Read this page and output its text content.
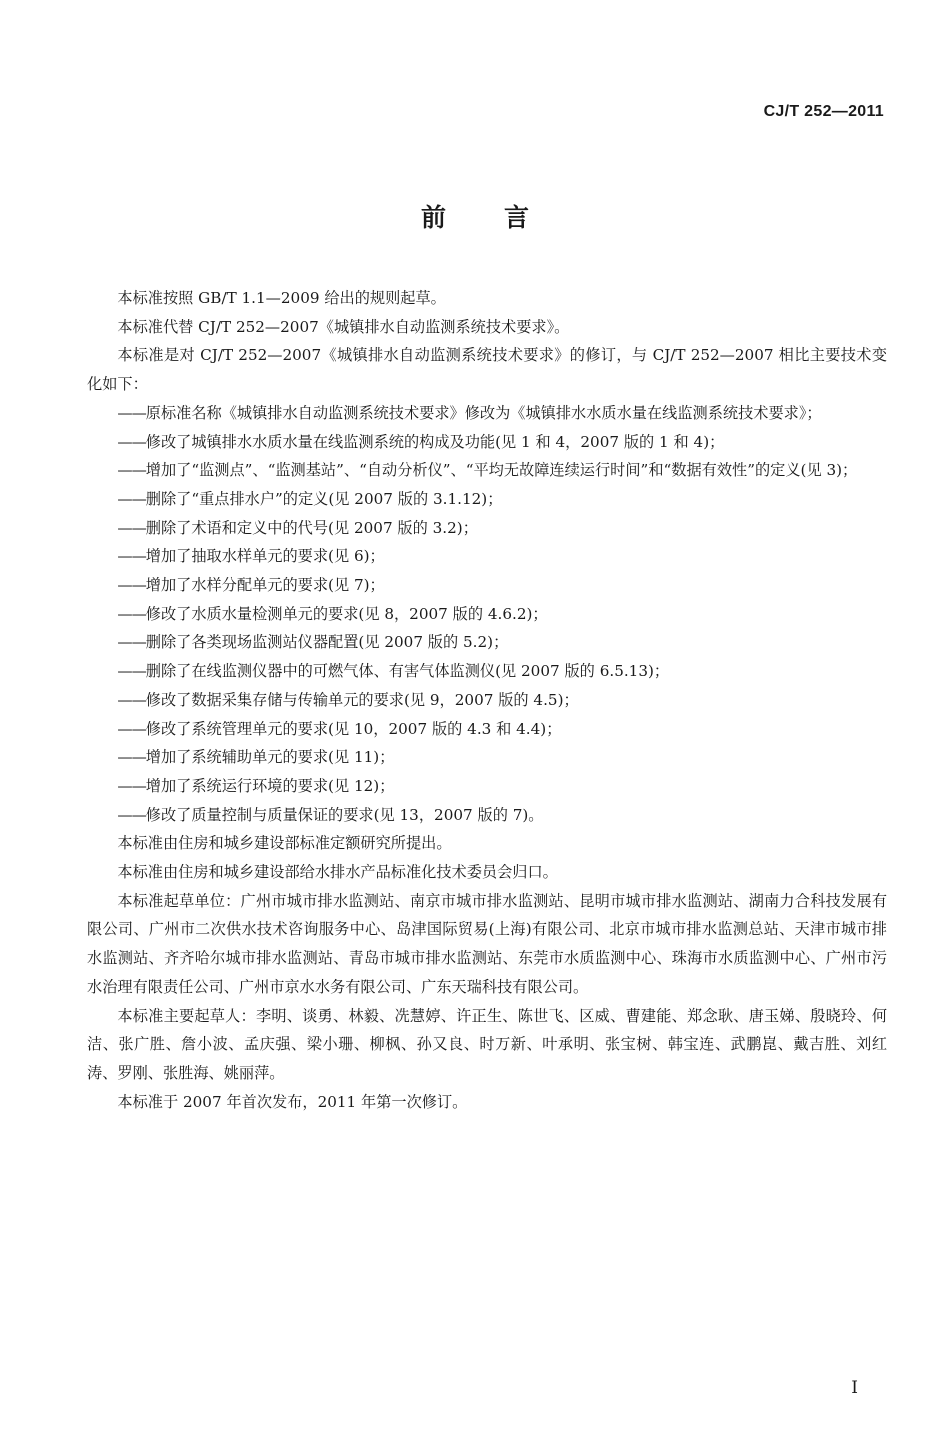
CJ/T 252—2011
前言

本标准按照 GB/T 1.1—2009 给出的规则起草。

本标准代替 CJ/T 252—2007《城镇排水自动监测系统技术要求》。

本标准是对 CJ/T 252—2007《城镇排水自动监测系统技术要求》的修订，与 CJ/T 252—2007 相比主要技术变化如下：

——原标准名称《城镇排水自动监测系统技术要求》修改为《城镇排水水质水量在线监测系统技术要求》；

——修改了城镇排水水质水量在线监测系统的构成及功能(见 1 和 4，2007 版的 1 和 4)；

——增加了“监测点”、“监测基站”、“自动分析仪”、“平均无故障连续运行时间”和“数据有效性”的定义(见 3)；

——删除了“重点排水户”的定义(见 2007 版的 3.1.12)；

——删除了术语和定义中的代号(见 2007 版的 3.2)；

——增加了抽取水样单元的要求(见 6)；

——增加了水样分配单元的要求(见 7)；

——修改了水质水量检测单元的要求(见 8，2007 版的 4.6.2)；

——删除了各类现场监测站仪器配置(见 2007 版的 5.2)；

——删除了在线监测仪器中的可燃气体、有害气体监测仪(见 2007 版的 6.5.13)；

——修改了数据采集存储与传输单元的要求(见 9，2007 版的 4.5)；

——修改了系统管理单元的要求(见 10，2007 版的 4.3 和 4.4)；

——增加了系统辅助单元的要求(见 11)；

——增加了系统运行环境的要求(见 12)；

——修改了质量控制与质量保证的要求(见 13，2007 版的 7)。

本标准由住房和城乡建设部标准定额研究所提出。

本标准由住房和城乡建设部给水排水产品标准化技术委员会归口。

本标准起草单位：广州市城市排水监测站、南京市城市排水监测站、昆明市城市排水监测站、湖南力合科技发展有限公司、广州市二次供水技术咨询服务中心、岛津国际贸易(上海)有限公司、北京市城市排水监测总站、天津市城市排水监测站、齐齐哈尔城市排水监测站、青岛市城市排水监测站、东莞市水质监测中心、珠海市水质监测中心、广州市污水治理有限责任公司、广州市京水水务有限公司、广东天瑞科技有限公司。

本标准主要起草人：李明、谈勇、林毅、冼慧婷、许正生、陈世飞、区威、曹建能、郑念耿、唐玉娣、殷晓玲、何洁、张广胜、詹小波、孟庆强、梁小珊、柳枫、孙又良、时万新、叶承明、张宝树、韩宝连、武鹏崑、戴吉胜、刘红涛、罗刚、张胜海、姚丽萍。

本标准于 2007 年首次发布，2011 年第一次修订。

I
